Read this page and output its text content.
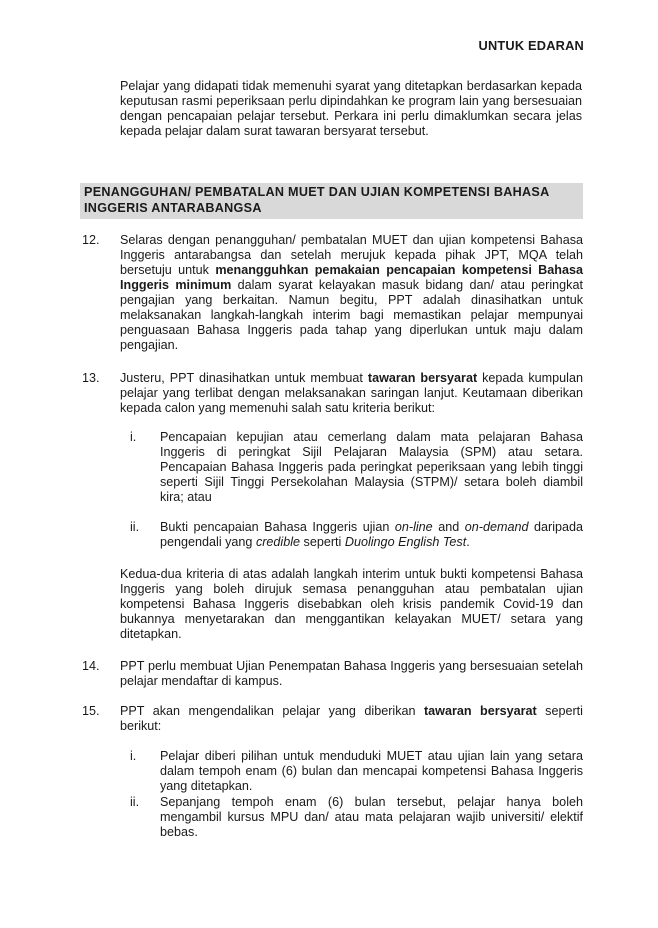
UNTUK EDARAN
Pelajar yang didapati tidak memenuhi syarat yang ditetapkan berdasarkan kepada keputusan rasmi peperiksaan perlu dipindahkan ke program lain yang bersesuaian dengan pencapaian pelajar tersebut. Perkara ini perlu dimaklumkan secara jelas kepada pelajar dalam surat tawaran bersyarat tersebut.
PENANGGUHAN/ PEMBATALAN MUET DAN UJIAN KOMPETENSI BAHASA INGGERIS ANTARABANGSA
12. Selaras dengan penangguhan/ pembatalan MUET dan ujian kompetensi Bahasa Inggeris antarabangsa dan setelah merujuk kepada pihak JPT, MQA telah bersetuju untuk menangguhkan pemakaian pencapaian kompetensi Bahasa Inggeris minimum dalam syarat kelayakan masuk bidang dan/ atau peringkat pengajian yang berkaitan. Namun begitu, PPT adalah dinasihatkan untuk melaksanakan langkah-langkah interim bagi memastikan pelajar mempunyai penguasaan Bahasa Inggeris pada tahap yang diperlukan untuk maju dalam pengajian.
13. Justeru, PPT dinasihatkan untuk membuat tawaran bersyarat kepada kumpulan pelajar yang terlibat dengan melaksanakan saringan lanjut. Keutamaan diberikan kepada calon yang memenuhi salah satu kriteria berikut:
i. Pencapaian kepujian atau cemerlang dalam mata pelajaran Bahasa Inggeris di peringkat Sijil Pelajaran Malaysia (SPM) atau setara. Pencapaian Bahasa Inggeris pada peringkat peperiksaan yang lebih tinggi seperti Sijil Tinggi Persekolahan Malaysia (STPM)/ setara boleh diambil kira; atau
ii. Bukti pencapaian Bahasa Inggeris ujian on-line and on-demand daripada pengendali yang credible seperti Duolingo English Test.
Kedua-dua kriteria di atas adalah langkah interim untuk bukti kompetensi Bahasa Inggeris yang boleh dirujuk semasa penangguhan atau pembatalan ujian kompetensi Bahasa Inggeris disebabkan oleh krisis pandemik Covid-19 dan bukannya menyetarakan dan menggantikan kelayakan MUET/ setara yang ditetapkan.
14. PPT perlu membuat Ujian Penempatan Bahasa Inggeris yang bersesuaian setelah pelajar mendaftar di kampus.
15. PPT akan mengendalikan pelajar yang diberikan tawaran bersyarat seperti berikut:
i. Pelajar diberi pilihan untuk menduduki MUET atau ujian lain yang setara dalam tempoh enam (6) bulan dan mencapai kompetensi Bahasa Inggeris yang ditetapkan.
ii. Sepanjang tempoh enam (6) bulan tersebut, pelajar hanya boleh mengambil kursus MPU dan/ atau mata pelajaran wajib universiti/ elektif bebas.
